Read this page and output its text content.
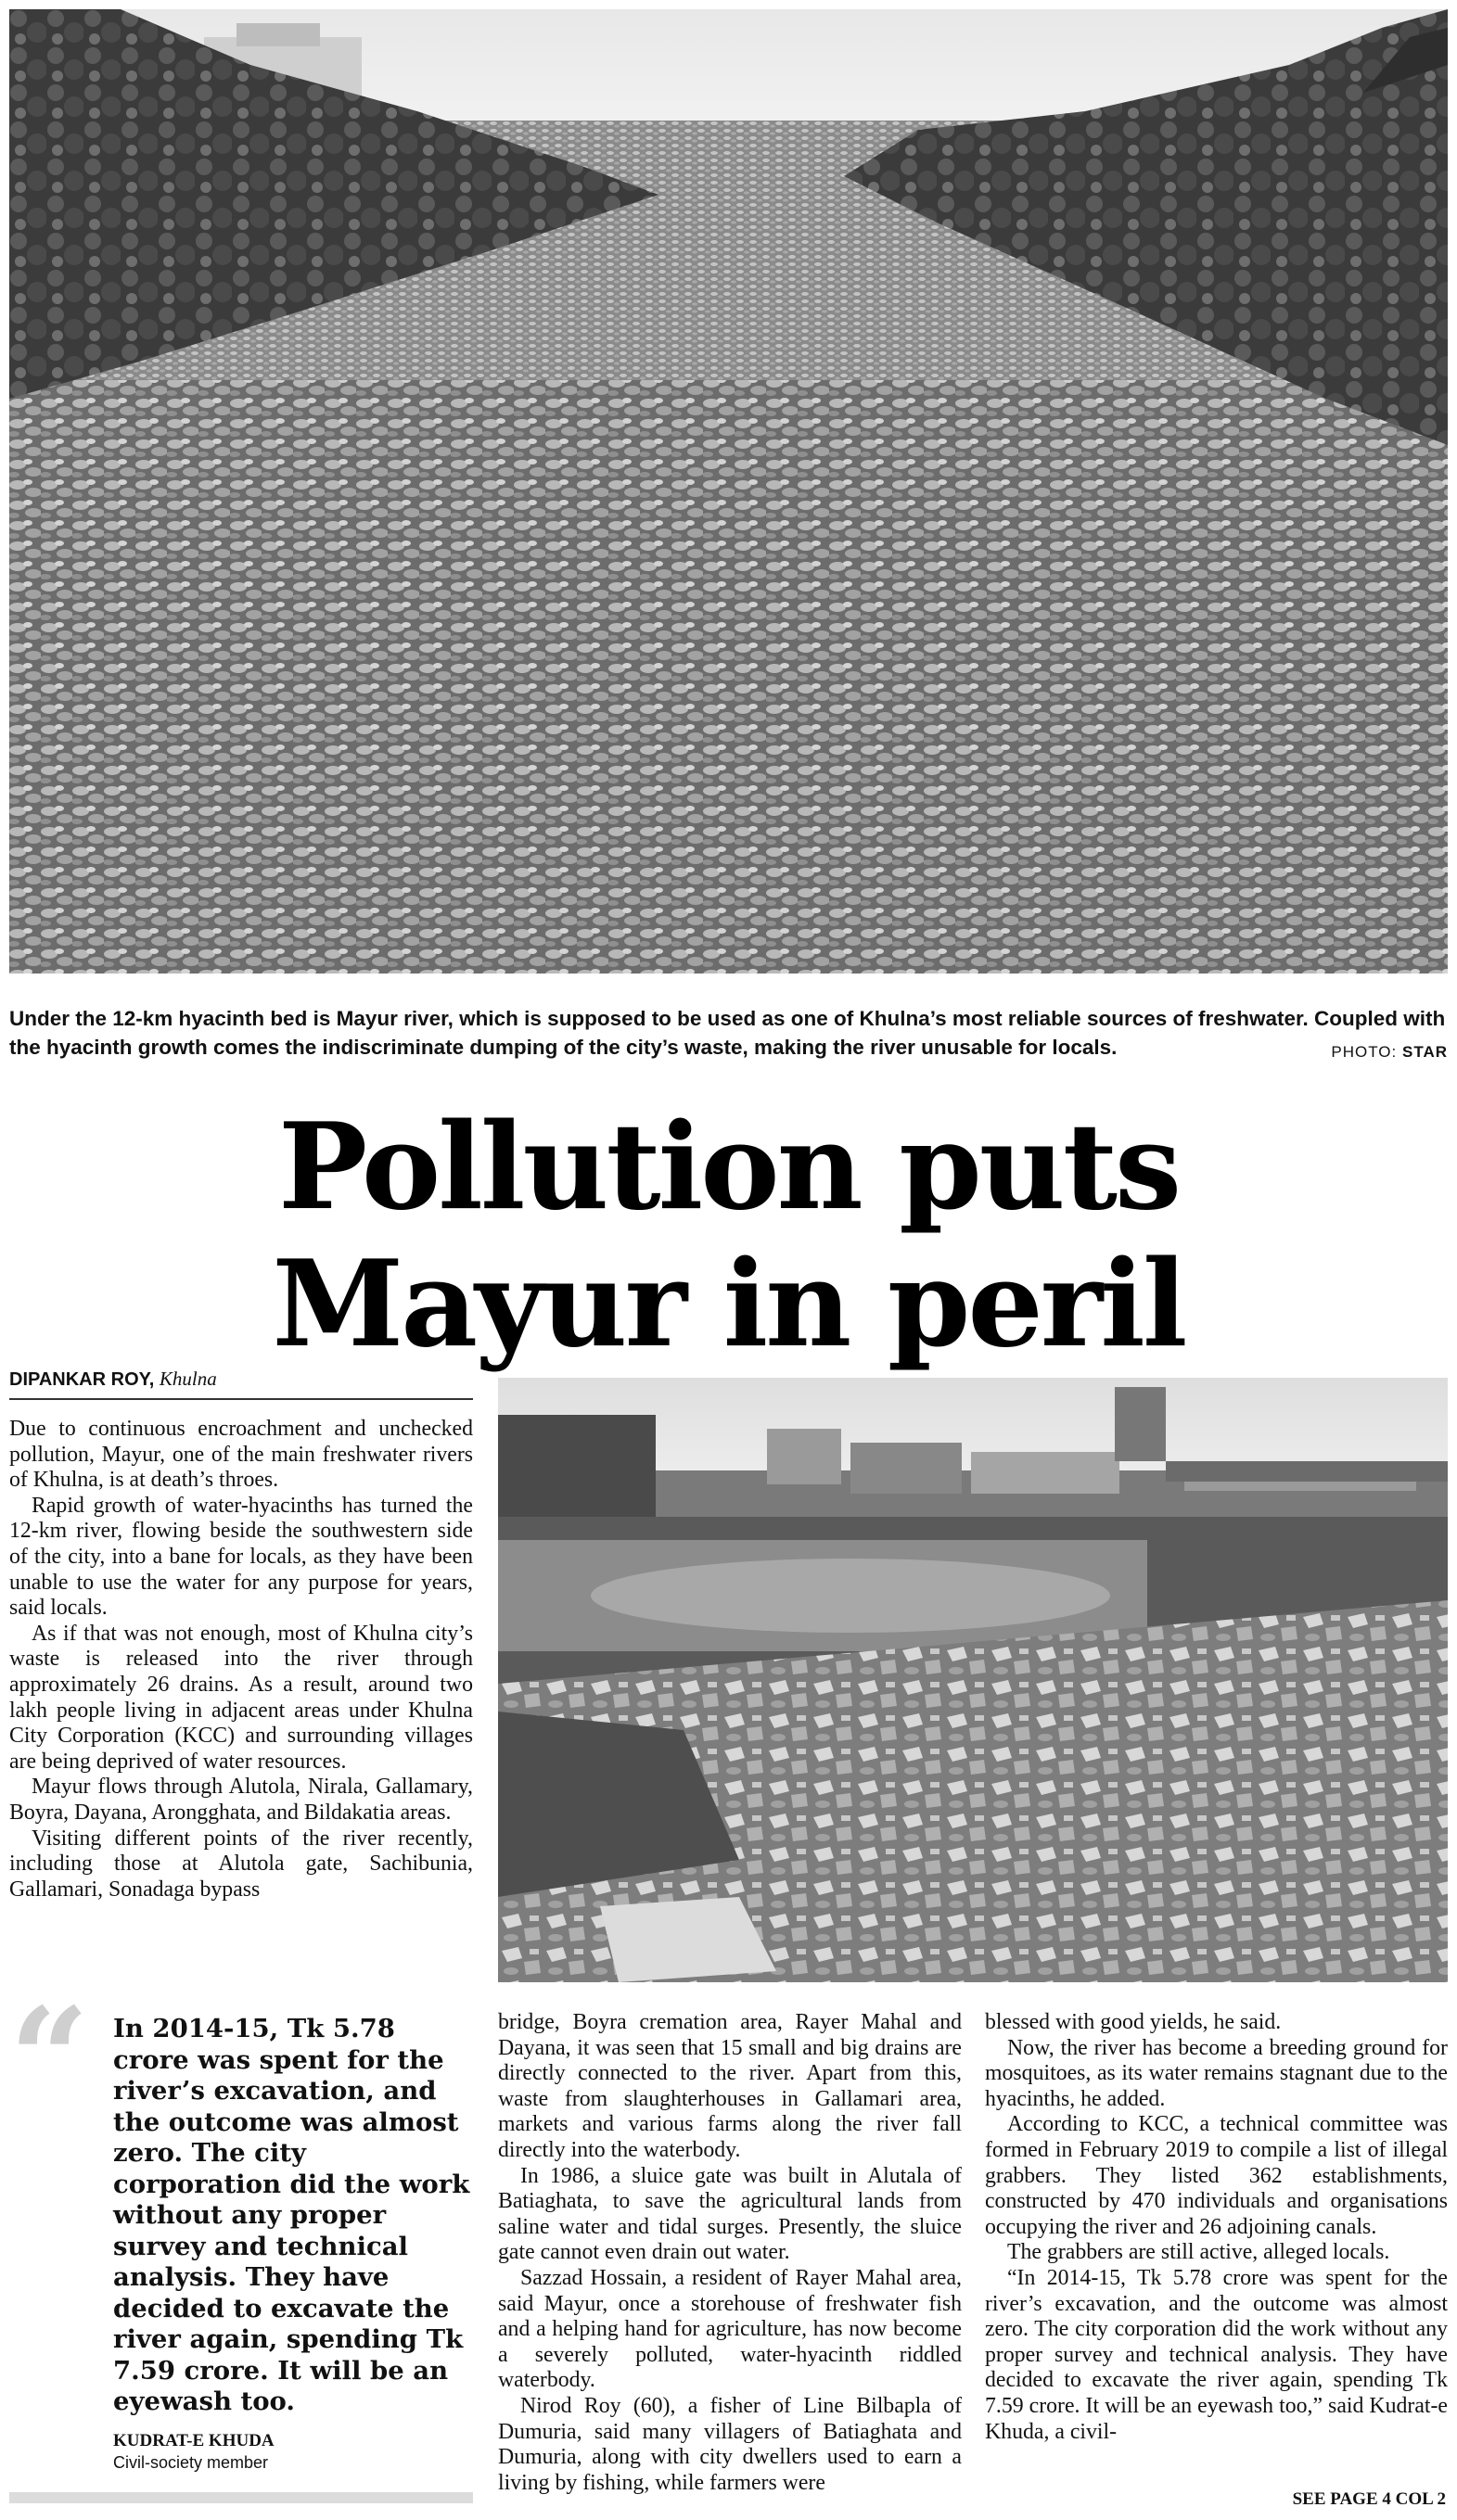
Under the 12-km hyacinth bed is Mayur river, which is supposed to be used as one of Khulna’s most reliable sources of freshwater. Coupled with the hyacinth growth comes the indiscriminate dumping of the city’s waste, making the river unusable for locals.	PHOTO: STAR
Pollution puts
Mayur in peril
DIPANKAR ROY, Khulna

Due to continuous encroachment and unchecked pollution, Mayur, one of the main freshwater rivers of Khulna, is at death’s throes.

Rapid growth of water-hyacinths has turned the 12-km river, flowing beside the southwestern side of the city, into a bane for locals, as they have been unable to use the water for any purpose for years, said locals.

As if that was not enough, most of Khulna city’s waste is released into the river through approximately 26 drains. As a result, around two lakh people living in adjacent areas under Khulna City Corporation (KCC) and surrounding villages are being deprived of water resources.

Mayur flows through Alutola, Nirala, Gallamary, Boyra, Dayana, Arongghata, and Bildakatia areas.

Visiting different points of the river recently, including those at Alutola gate, Sachibunia, Gallamari, Sonadaga bypass

“ In 2014-15, Tk 5.78 crore was spent for the river’s excavation, and the outcome was almost zero. The city corporation did the work without any proper survey and technical analysis. They have decided to excavate the river again, spending Tk 7.59 crore. It will be an eyewash too.
KUDRAT-E KHUDA
Civil-society member

bridge, Boyra cremation area, Rayer Mahal and Dayana, it was seen that 15 small and big drains are directly connected to the river. Apart from this, waste from slaughterhouses in Gallamari area, markets and various farms along the river fall directly into the waterbody.

In 1986, a sluice gate was built in Alutala of Batiaghata, to save the agricultural lands from saline water and tidal surges. Presently, the sluice gate cannot even drain out water.

Sazzad Hossain, a resident of Rayer Mahal area, said Mayur, once a storehouse of freshwater fish and a helping hand for agriculture, has now become a severely polluted, water-hyacinth riddled waterbody.

Nirod Roy (60), a fisher of Line Bilbapla of Dumuria, said many villagers of Batiaghata and Dumuria, along with city dwellers used to earn a living by fishing, while farmers were

blessed with good yields, he said.

Now, the river has become a breeding ground for mosquitoes, as its water remains stagnant due to the hyacinths, he added.

According to KCC, a technical committee was formed in February 2019 to compile a list of illegal grabbers. They listed 362 establishments, constructed by 470 individuals and organisations occupying the river and 26 adjoining canals.

The grabbers are still active, alleged locals.

“In 2014-15, Tk 5.78 crore was spent for the river’s excavation, and the outcome was almost zero. The city corporation did the work without any proper survey and technical analysis. They have decided to excavate the river again, spending Tk 7.59 crore. It will be an eyewash too,” said Kudrat-e Khuda, a civil-

SEE PAGE 4 COL 2
